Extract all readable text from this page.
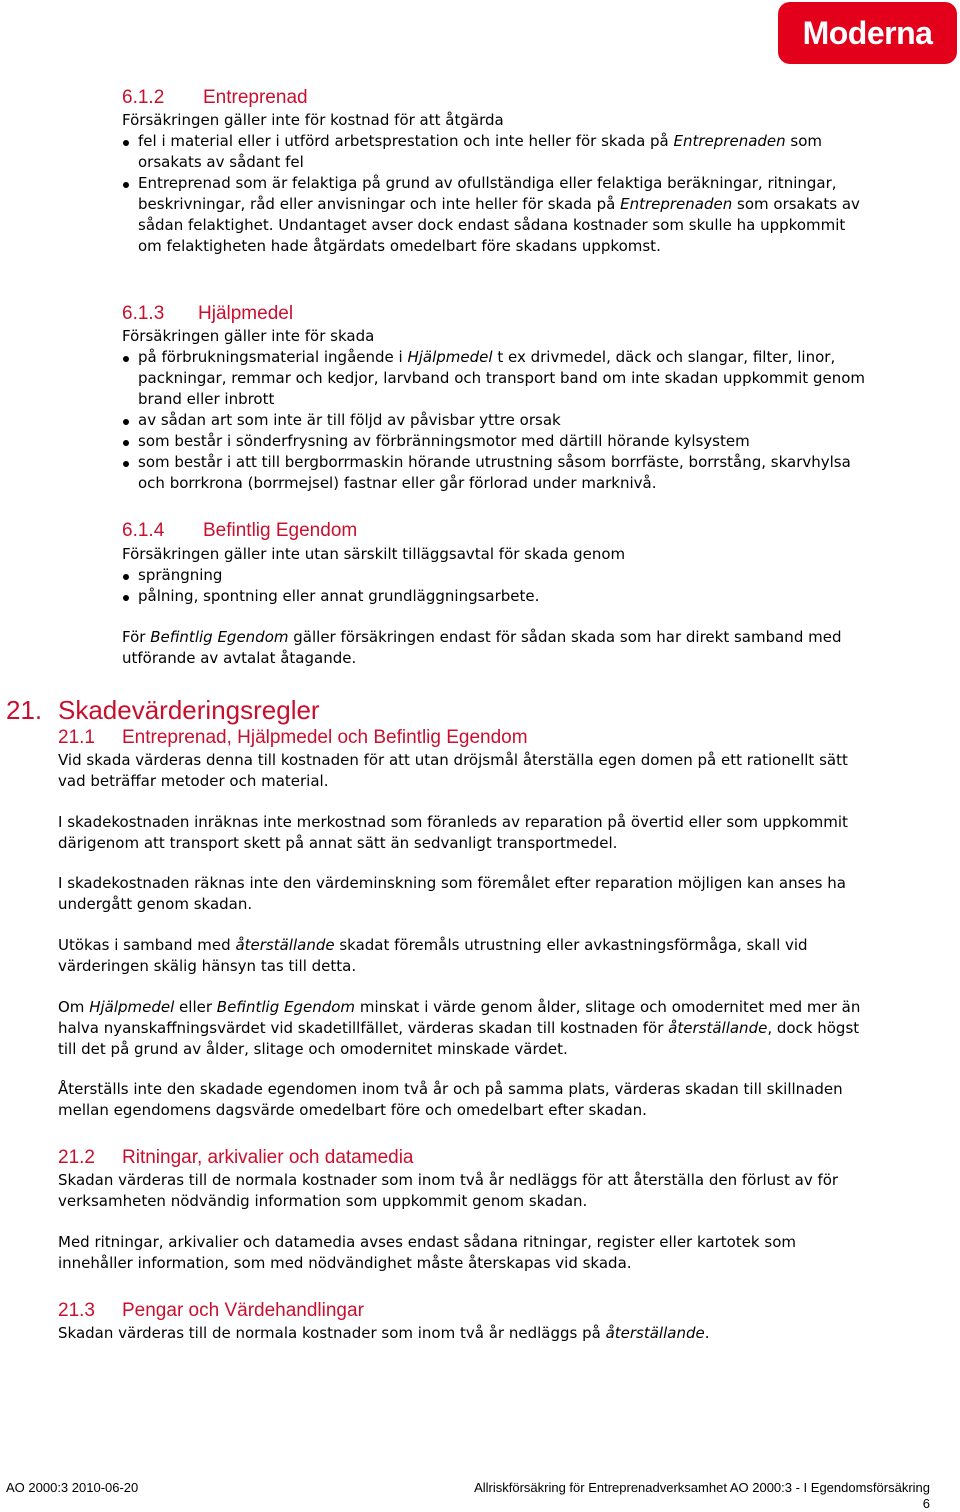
Moderna
6.1.2 Entreprenad
Försäkringen gäller inte för kostnad för att åtgärda
fel i material eller i utförd arbetsprestation och inte heller för skada på Entreprenaden som orsakats av sådant fel
Entreprenad som är felaktiga på grund av ofullständiga eller felaktiga beräkningar, ritningar, beskrivningar, råd eller anvisningar och inte heller för skada på Entreprenaden som orsakats av sådan felaktighet. Undantaget avser dock endast sådana kostnader som skulle ha uppkommit om felaktigheten hade åtgärdats omedelbart före skadans uppkomst.
6.1.3 Hjälpmedel
Försäkringen gäller inte för skada
på förbrukningsmaterial ingående i Hjälpmedel t ex drivmedel, däck och slangar, filter, linor, packningar, remmar och kedjor, larvband och transport band om inte skadan uppkommit genom brand eller inbrott
av sådan art som inte är till följd av påvisbar yttre orsak
som består i sönderfrysning av förbränningsmotor med därtill hörande kylsystem
som består i att till bergborrmaskin hörande utrustning såsom borrfäste, borrstång, skarvhylsa och borrkrona (borrmejsel) fastnar eller går förlorad under marknivå.
6.1.4 Befintlig Egendom
Försäkringen gäller inte utan särskilt tilläggsavtal för skada genom
sprängning
pålning, spontning eller annat grundläggningsarbete.
För Befintlig Egendom gäller försäkringen endast för sådan skada som har direkt samband med utförande av avtalat åtagande.
21. Skadevärderingsregler
21.1 Entreprenad, Hjälpmedel och Befintlig Egendom
Vid skada värderas denna till kostnaden för att utan dröjsmål återställa egen domen på ett rationellt sätt vad beträffar metoder och material.
I skadekostnaden inräknas inte merkostnad som föranleds av reparation på övertid eller som uppkommit därigenom att transport skett på annat sätt än sedvanligt transportmedel.
I skadekostnaden räknas inte den värdeminskning som föremålet efter reparation möjligen kan anses ha undergått genom skadan.
Utökas i samband med återställande skadat föremåls utrustning eller avkastningsförmåga, skall vid värderingen skälig hänsyn tas till detta.
Om Hjälpmedel eller Befintlig Egendom minskat i värde genom ålder, slitage och omodernitet med mer än halva nyanskaffningsvärdet vid skadetillfället, värderas skadan till kostnaden för återställande, dock högst till det på grund av ålder, slitage och omodernitet minskade värdet.
Återställs inte den skadade egendomen inom två år och på samma plats, värderas skadan till skillnaden mellan egendomens dagsvärde omedelbart före och omedelbart efter skadan.
21.2 Ritningar, arkivalier och datamedia
Skadan värderas till de normala kostnader som inom två år nedläggs för att återställa den förlust av för verksamheten nödvändig information som uppkommit genom skadan.
Med ritningar, arkivalier och datamedia avses endast sådana ritningar, register eller kartotek som innehåller information, som med nödvändighet måste återskapas vid skada.
21.3 Pengar och Värdehandlingar
Skadan värderas till de normala kostnader som inom två år nedläggs på återställande.
AO 2000:3 2010-06-20	Allriskförsäkring för Entreprenadverksamhet AO 2000:3 - I Egendomsförsäkring
6
